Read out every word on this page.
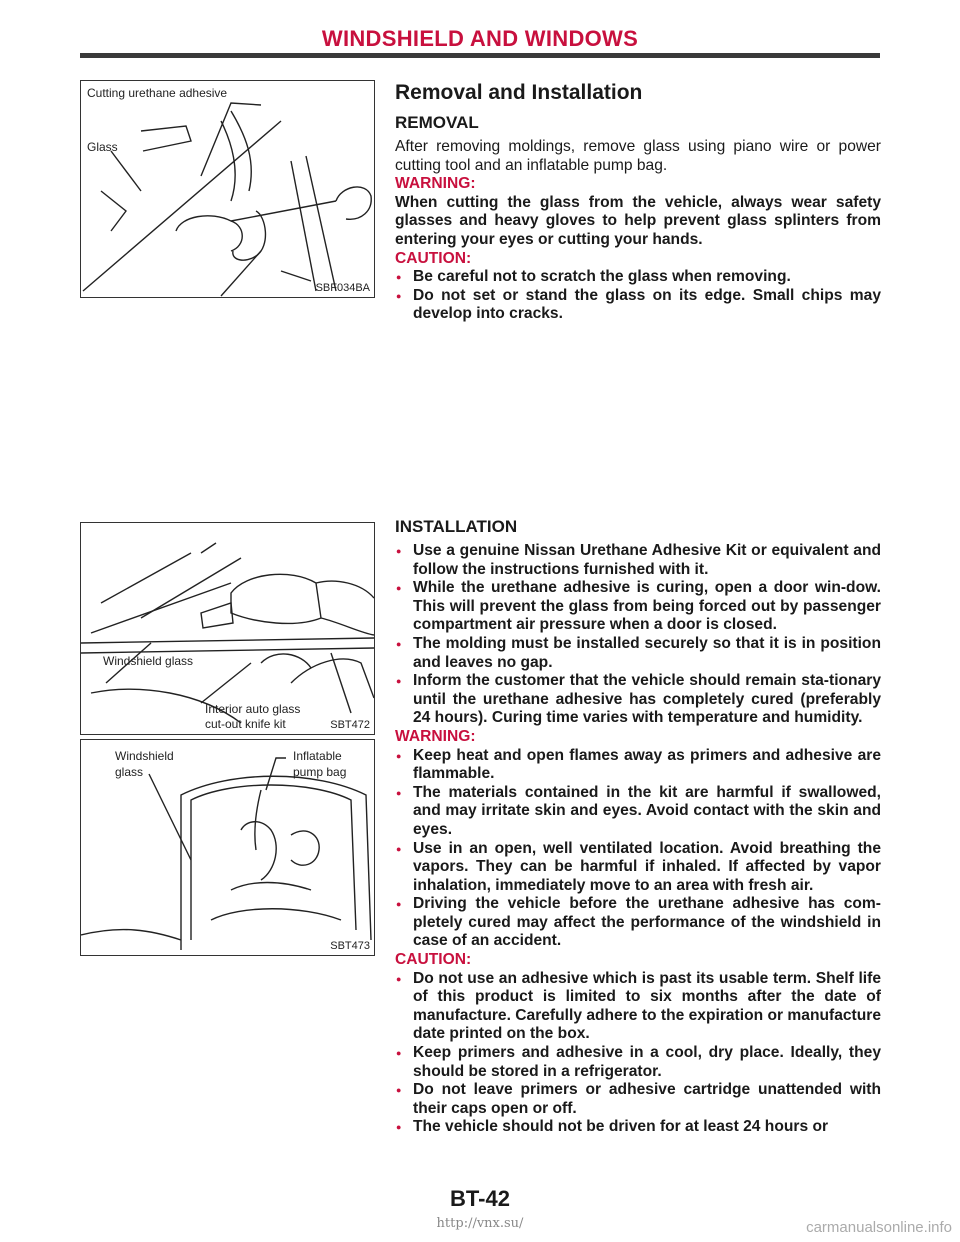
WINDSHIELD AND WINDOWS
Cutting urethane adhesive
Glass
SBF034BA
Windshield glass
Interior auto glass
cut-out knife kit	SBT472
Windshield
glass
Inflatable
pump bag
SBT473
Removal and Installation
REMOVAL

After removing moldings, remove glass using piano wire or power cutting tool and an inflatable pump bag.

WARNING:

When cutting the glass from the vehicle, always wear safety glasses and heavy gloves to help prevent glass splinters from entering your eyes or cutting your hands.

CAUTION:
● Be careful not to scratch the glass when removing.
● Do not set or stand the glass on its edge. Small chips may develop into cracks.
INSTALLATION
● Use a genuine Nissan Urethane Adhesive Kit or equivalent and follow the instructions furnished with it.
● While the urethane adhesive is curing, open a door win-dow. This will prevent the glass from being forced out by passenger compartment air pressure when a door is closed.
● The molding must be installed securely so that it is in position and leaves no gap.
● Inform the customer that the vehicle should remain sta-tionary until the urethane adhesive has completely cured (preferably 24 hours). Curing time varies with temperature and humidity.
WARNING:
● Keep heat and open flames away as primers and adhesive are flammable.
● The materials contained in the kit are harmful if swallowed, and may irritate skin and eyes. Avoid contact with the skin and eyes.
● Use in an open, well ventilated location. Avoid breathing the vapors. They can be harmful if inhaled. If affected by vapor inhalation, immediately move to an area with fresh air.
● Driving the vehicle before the urethane adhesive has com-pletely cured may affect the performance of the windshield in case of an accident.
CAUTION:
● Do not use an adhesive which is past its usable term. Shelf life of this product is limited to six months after the date of manufacture. Carefully adhere to the expiration or manufacture date printed on the box.
● Keep primers and adhesive in a cool, dry place. Ideally, they should be stored in a refrigerator.
● Do not leave primers or adhesive cartridge unattended with their caps open or off.
● The vehicle should not be driven for at least 24 hours or
BT-42
http://vnx.su/	carmanualsonline.info
